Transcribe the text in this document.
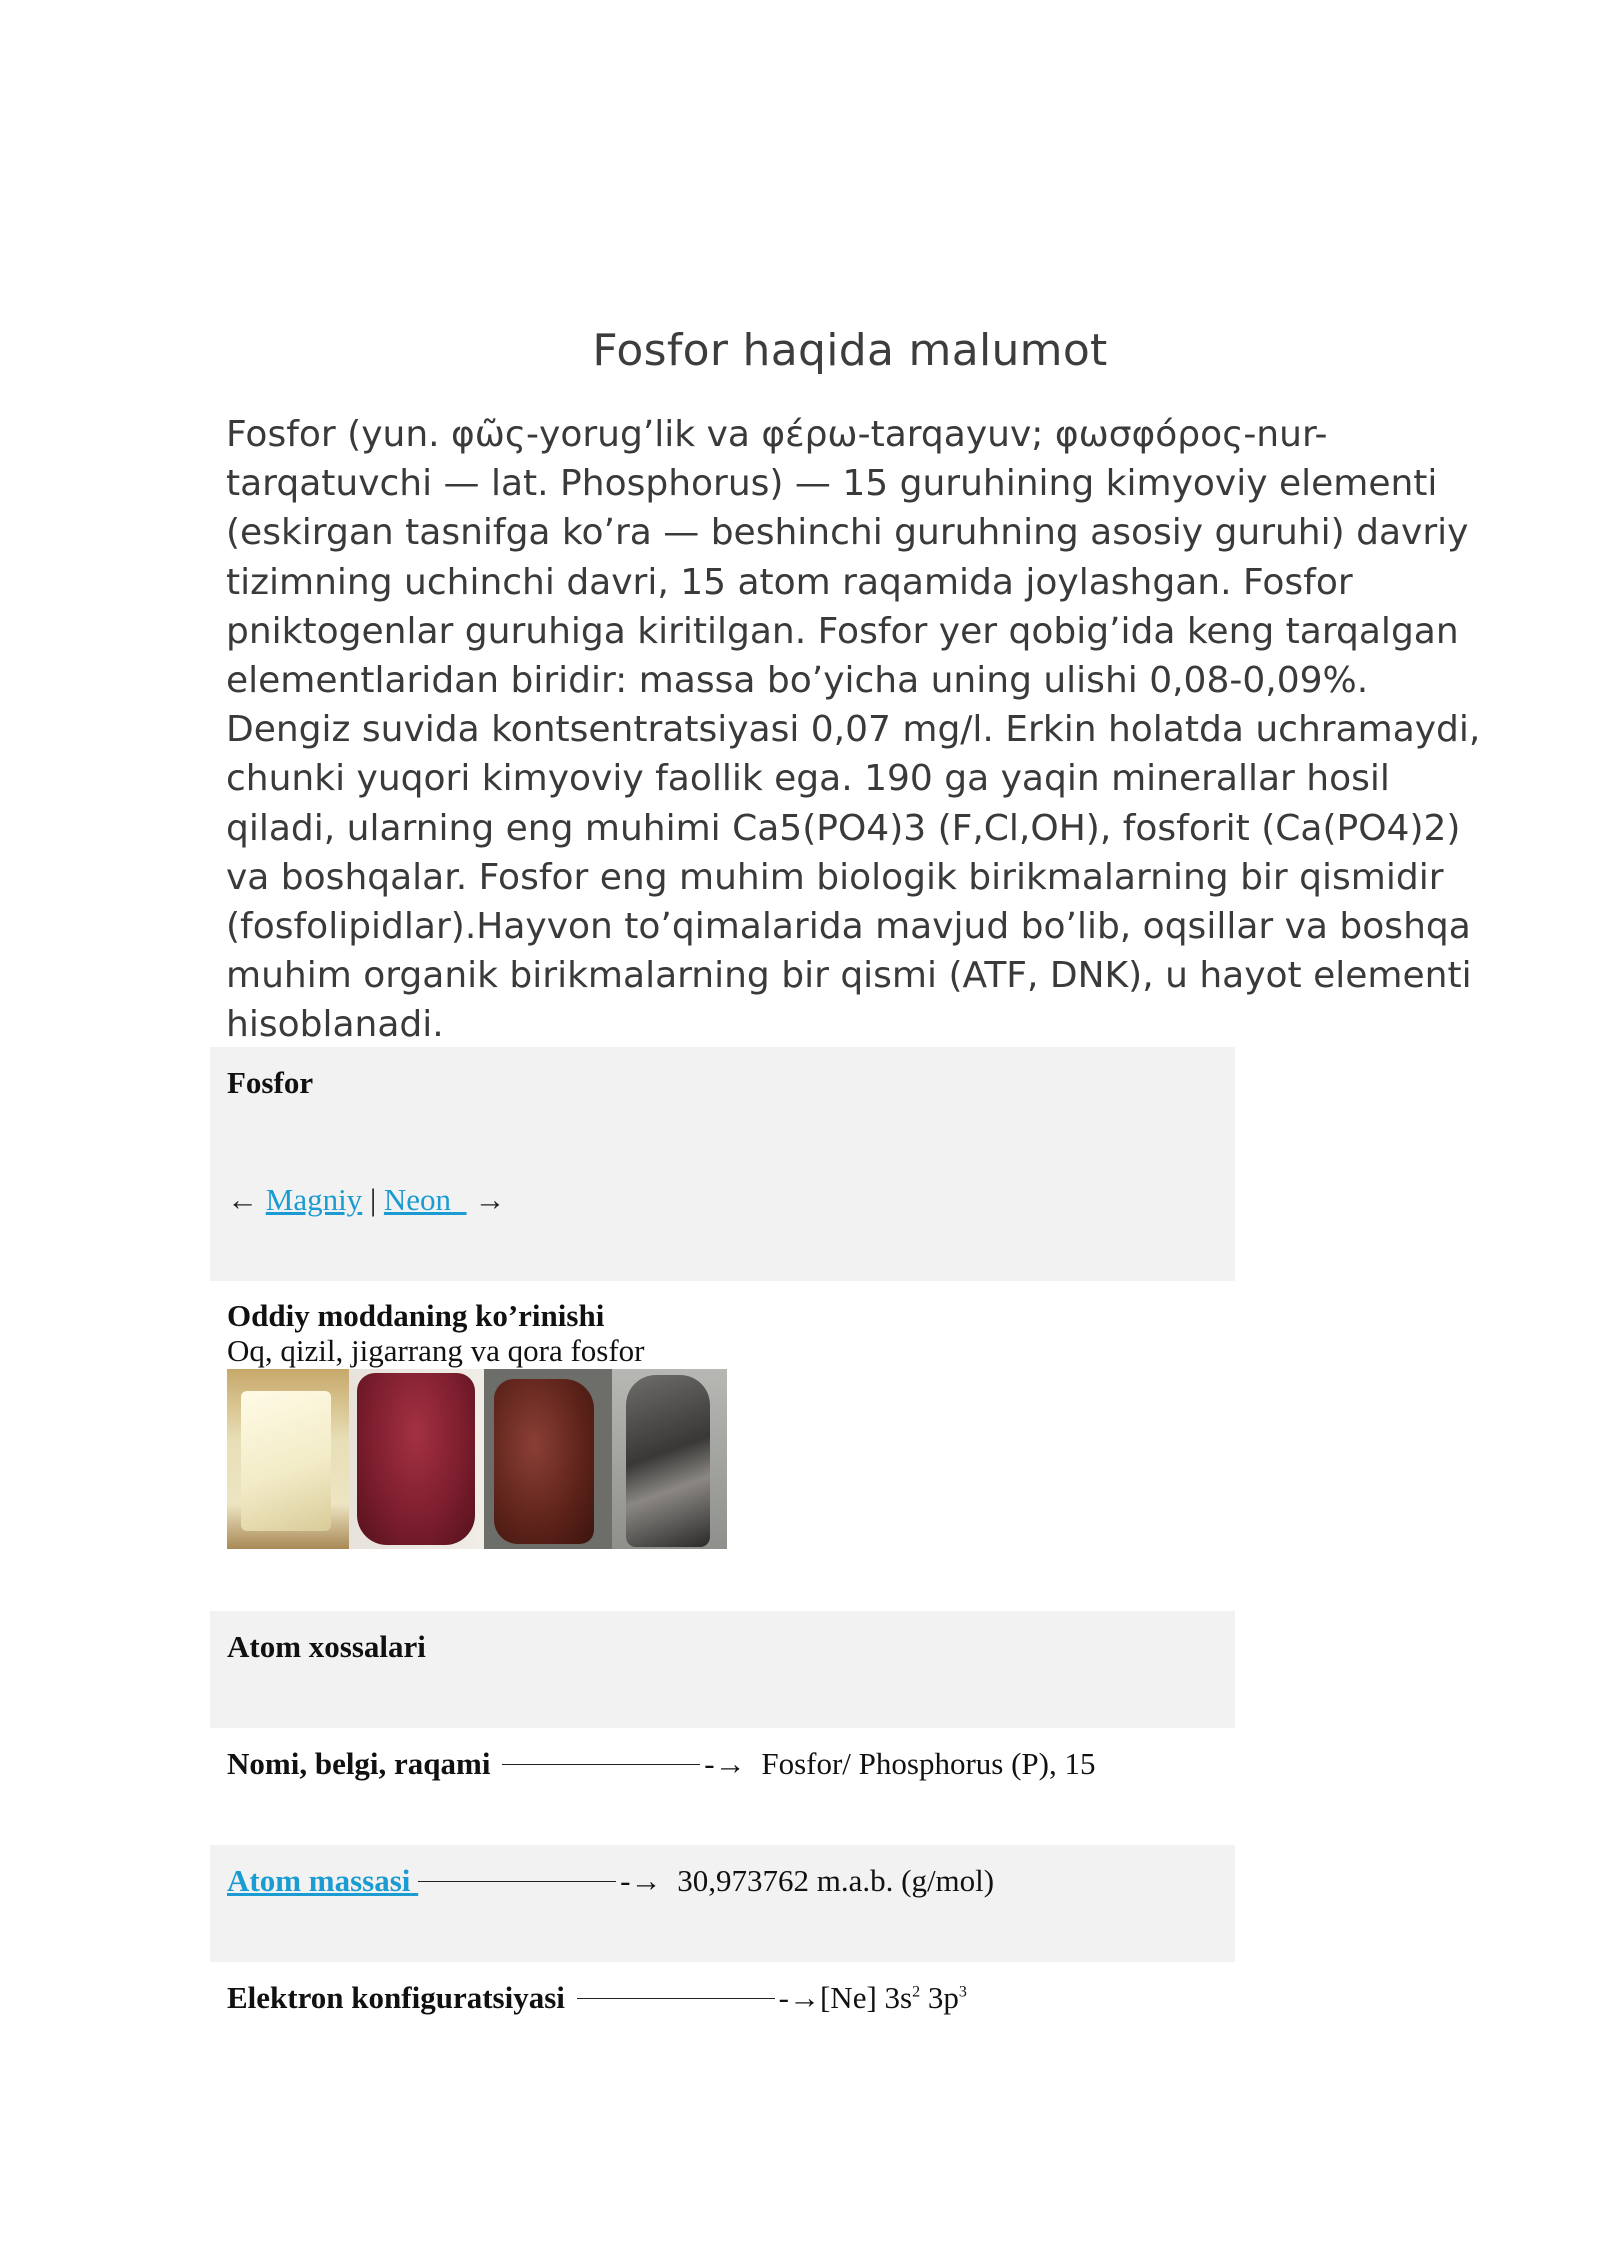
Fosfor haqida malumot

Fosfor (yun. φῶς-yorug’lik va φέρω-tarqayuv; φωσφόρος-nur-tarqatuvchi — lat. Phosphorus) — 15 guruhining kimyoviy elementi (eskirgan tasnifga ko’ra — beshinchi guruhning asosiy guruhi) davriy tizimning uchinchi davri, 15 atom raqamida joylashgan. Fosfor pniktogenlar guruhiga kiritilgan. Fosfor yer qobig’ida keng tarqalgan elementlaridan biridir: massa bo’yicha uning ulishi 0,08-0,09%. Dengiz suvida kontsentratsiyasi 0,07 mg/l. Erkin holatda uchramaydi, chunki yuqori kimyoviy faollik ega. 190 ga yaqin minerallar hosil qiladi, ularning eng muhimi Ca5(PO4)3 (F,Cl,OH), fosforit (Ca(PO4)2) va boshqalar. Fosfor eng muhim biologik birikmalarning bir qismidir (fosfolipidlar).Hayvon to’qimalarida mavjud bo’lib, oqsillar va boshqa muhim organik birikmalarning bir qismi (ATF, DNK), u hayot elementi hisoblanadi.

Fosfor
← Magniy | Neon →
Oddiy moddaning ko’rinishi
Oq, qizil, jigarrang va qora fosfor
Atom xossalari
Nomi, belgi, raqami	-→ Fosfor/ Phosphorus (P), 15
Atom massasi	-→ 30,973762 m.a.b. (g/mol)
Elektron konfiguratsiyasi	-→[Ne] $3s^2$ $3p^3$
